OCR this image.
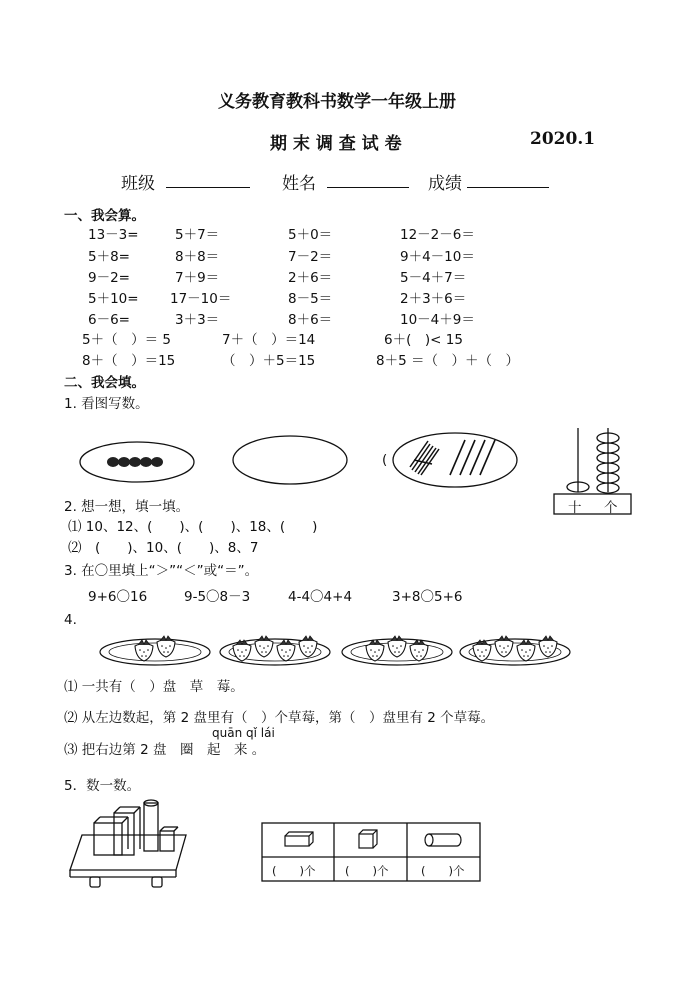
义务教育教科书数学一年级上册
期 末 调 查 试 卷	2020.1
班级	姓名	成绩
一、我会算。
13－3=	5＋7＝	5＋0＝	12－2－6＝
5＋8=	8＋8＝	7－2＝	9＋4－10＝
9－2=	7＋9＝	2＋6＝	5－4＋7＝
5＋10= 17－10＝	8－5＝	2＋3＋6＝
6－6=	3＋3＝	8＋6＝	10－4＋9＝
5＋（　）＝ 5	7＋（　）＝14	6＋(　)< 15
8＋（　）＝15	（　）＋5＝15	8＋5 ＝（　）＋（　）
二、我会填。
1. 看图写数。
(
十 个
2. 想一想，填一填。
⑴ 10、12、(　　)、(　　)、18、(　　)
⑵　(　　)、10、(　　)、8、7
3. 在〇里填上“＞”“＜”或“＝”。
9+6〇16	9-5〇8－3	4-4〇4+4	3+8〇5+6
4.
⑴ 一共有（　）盘　草　莓。
⑵ 从左边数起，第 2 盘里有（　）个草莓，第（　）盘里有 2 个草莓。
quān qǐ lái
⑶ 把右边第 2 盘　圈　起　来 。
5．数一数。
(　　)个	(　　)个	(　　)个
